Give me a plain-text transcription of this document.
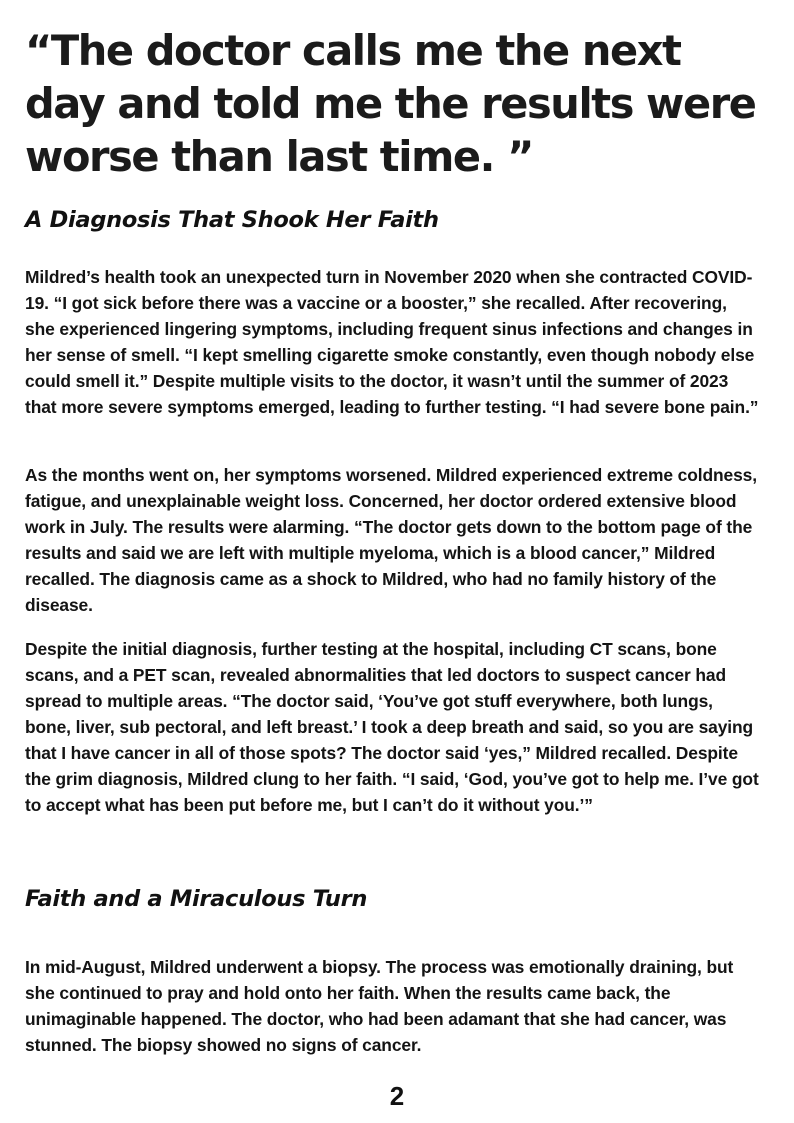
“The doctor calls me the next day and told me the results were worse than last time. ”
A Diagnosis That Shook Her Faith

Mildred’s health took an unexpected turn in November 2020 when she contracted COVID-19. “I got sick before there was a vaccine or a booster,” she recalled. After recovering, she experienced lingering symptoms, including frequent sinus infections and changes in her sense of smell. “I kept smelling cigarette smoke constantly, even though nobody else could smell it.” Despite multiple visits to the doctor, it wasn’t until the summer of 2023 that more severe symptoms emerged, leading to further testing. “I had severe bone pain.”

As the months went on, her symptoms worsened. Mildred experienced extreme coldness, fatigue, and unexplainable weight loss. Concerned, her doctor ordered extensive blood work in July. The results were alarming. “The doctor gets down to the bottom page of the results and said we are left with multiple myeloma, which is a blood cancer,” Mildred recalled. The diagnosis came as a shock to Mildred, who had no family history of the disease.

Despite the initial diagnosis, further testing at the hospital, including CT scans, bone scans, and a PET scan, revealed abnormalities that led doctors to suspect cancer had spread to multiple areas. “The doctor said, ‘You’ve got stuff everywhere, both lungs, bone, liver, sub pectoral, and left breast.’ I took a deep breath and said, so you are saying that I have cancer in all of those spots? The doctor said ‘yes,” Mildred recalled. Despite the grim diagnosis, Mildred clung to her faith. “I said, ‘God, you’ve got to help me. I’ve got to accept what has been put before me, but I can’t do it without you.’”

Faith and a Miraculous Turn

In mid-August, Mildred underwent a biopsy. The process was emotionally draining, but she continued to pray and hold onto her faith. When the results came back, the unimaginable happened. The doctor, who had been adamant that she had cancer, was stunned. The biopsy showed no signs of cancer.

2
